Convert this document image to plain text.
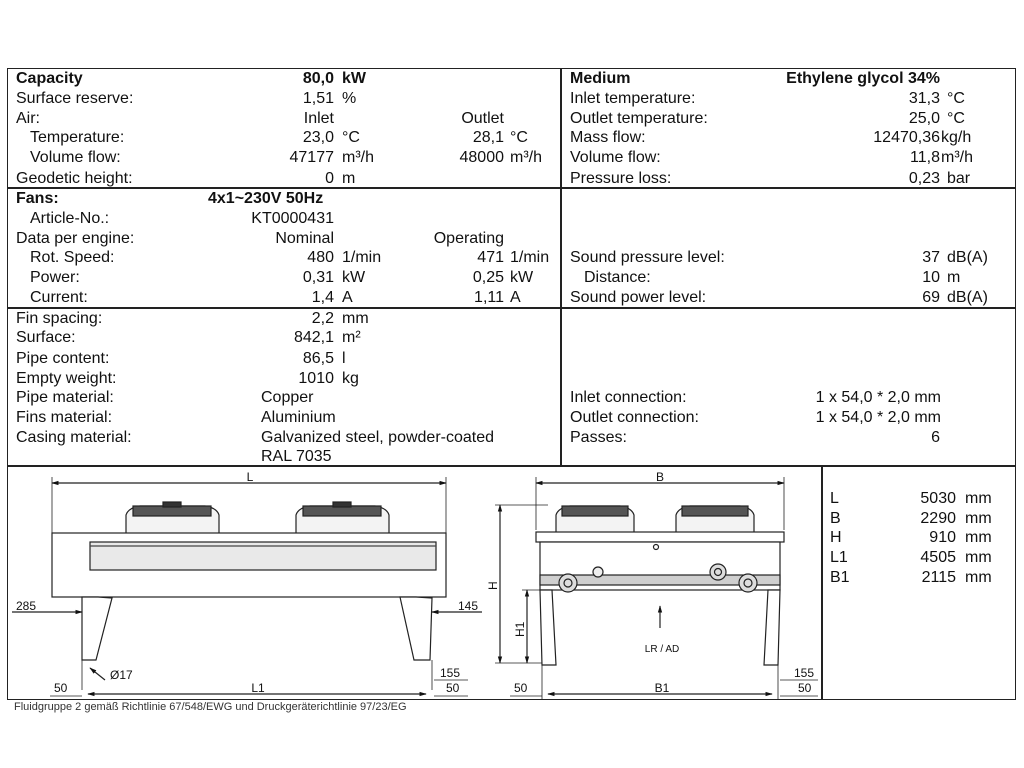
Capacity	80,0 kW
Surface reserve:	1,51 %
Air:	Inlet	Outlet
Temperature:	23,0 °C	28,1 °C
Volume flow:	47177 m³/h	48000 m³/h
Geodetic height:	0 m
Medium	Ethylene glycol 34%
Inlet temperature:	31,3 °C
Outlet temperature:	25,0 °C
Mass flow:	12470,36 kg/h
Volume flow:	11,8 m³/h
Pressure loss:	0,23 bar
Fans:	4x1~230V 50Hz
Article-No.:	KT0000431
Data per engine:	Nominal	Operating
Rot. Speed:	480 1/min	471 1/min
Power:	0,31 kW	0,25 kW
Current:	1,4 A	1,11 A
Sound pressure level:	37 dB(A)
Distance:	10 m
Sound power level:	69 dB(A)
Fin spacing:	2,2 mm
Surface:	842,1 m²
Pipe content:	86,5 l
Empty weight:	1010 kg
Pipe material:	Copper
Fins material:	Aluminium
Casing material:	Galvanized steel, powder-coated
RAL 7035
Inlet connection:	1 x 54,0 * 2,0 mm
Outlet connection:	1 x 54,0 * 2,0 mm
Passes:	6
L	5030 mm
B	2290 mm
H	910 mm
L1	4505 mm
B1	2115 mm
L
285	145
155
Ø17
50	L1	50
B
H
H1
LR / AD
50	B1
155
50
Fluidgruppe 2 gemäß Richtlinie 67/548/EWG und Druckgeräterichtlinie 97/23/EG
